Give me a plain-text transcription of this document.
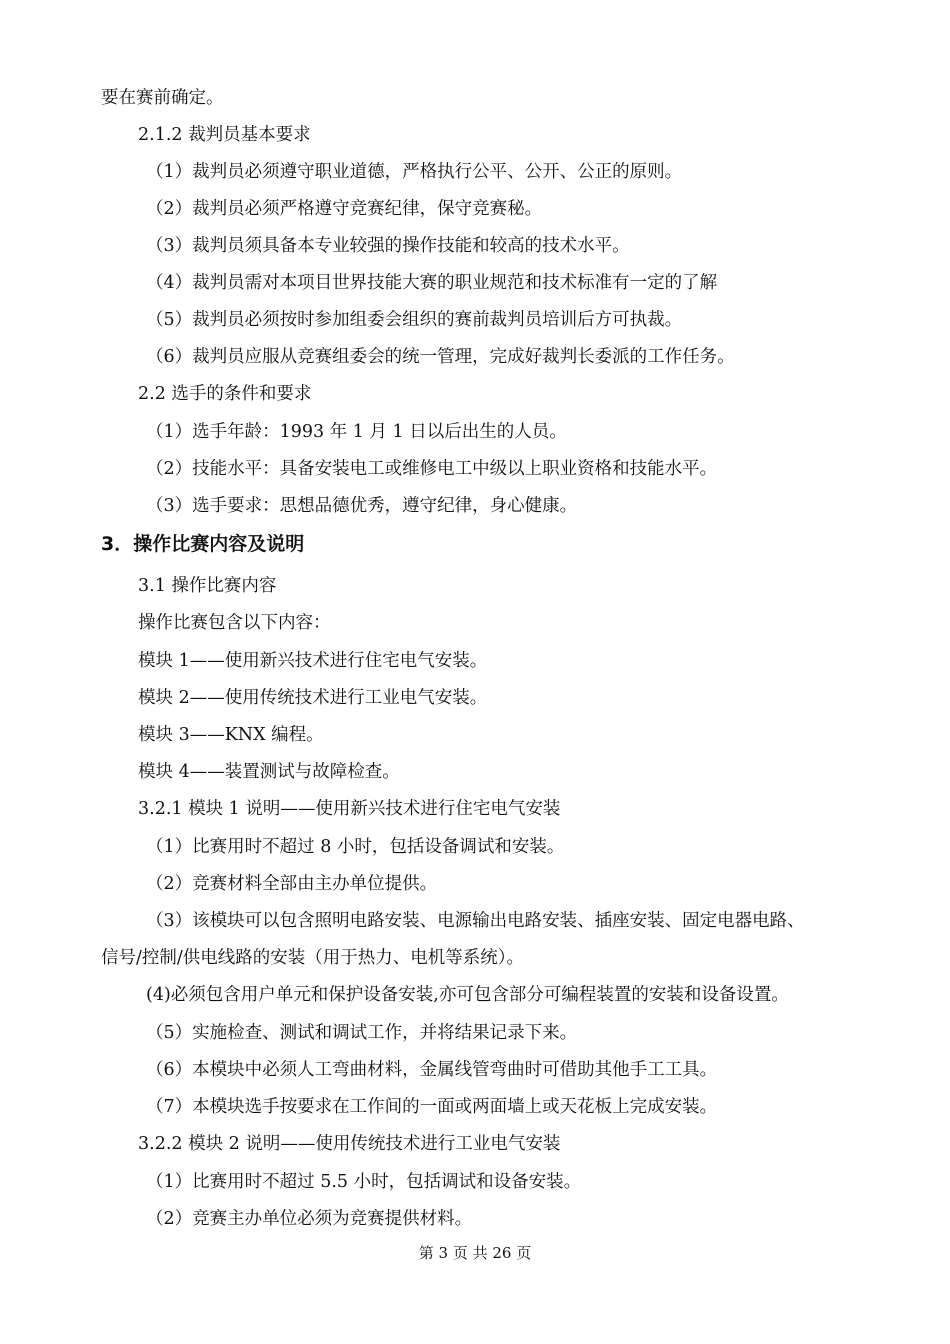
要在赛前确定。
2.1.2 裁判员基本要求
（1）裁判员必须遵守职业道德，严格执行公平、公开、公正的原则。
（2）裁判员必须严格遵守竞赛纪律，保守竞赛秘。
（3）裁判员须具备本专业较强的操作技能和较高的技术水平。
（4）裁判员需对本项目世界技能大赛的职业规范和技术标准有一定的了解
（5）裁判员必须按时参加组委会组织的赛前裁判员培训后方可执裁。
（6）裁判员应服从竞赛组委会的统一管理，完成好裁判长委派的工作任务。
2.2 选手的条件和要求
（1）选手年龄：1993 年 1 月 1 日以后出生的人员。
（2）技能水平：具备安装电工或维修电工中级以上职业资格和技能水平。
（3）选手要求：思想品德优秀，遵守纪律，身心健康。
3．操作比赛内容及说明
3.1 操作比赛内容
操作比赛包含以下内容：
模块 1——使用新兴技术进行住宅电气安装。
模块 2——使用传统技术进行工业电气安装。
模块 3——KNX 编程。
模块 4——装置测试与故障检查。
3.2.1 模块 1 说明——使用新兴技术进行住宅电气安装
（1）比赛用时不超过 8 小时，包括设备调试和安装。
（2）竞赛材料全部由主办单位提供。
（3）该模块可以包含照明电路安装、电源输出电路安装、插座安装、固定电器电路、
信号/控制/供电线路的安装（用于热力、电机等系统）。
(4)必须包含用户单元和保护设备安装,亦可包含部分可编程装置的安装和设备设置。
（5）实施检查、测试和调试工作，并将结果记录下来。
（6）本模块中必须人工弯曲材料，金属线管弯曲时可借助其他手工工具。
（7）本模块选手按要求在工作间的一面或两面墙上或天花板上完成安装。
3.2.2 模块 2 说明——使用传统技术进行工业电气安装
（1）比赛用时不超过 5.5 小时，包括调试和设备安装。
（2）竞赛主办单位必须为竞赛提供材料。
第 3 页 共 26 页
